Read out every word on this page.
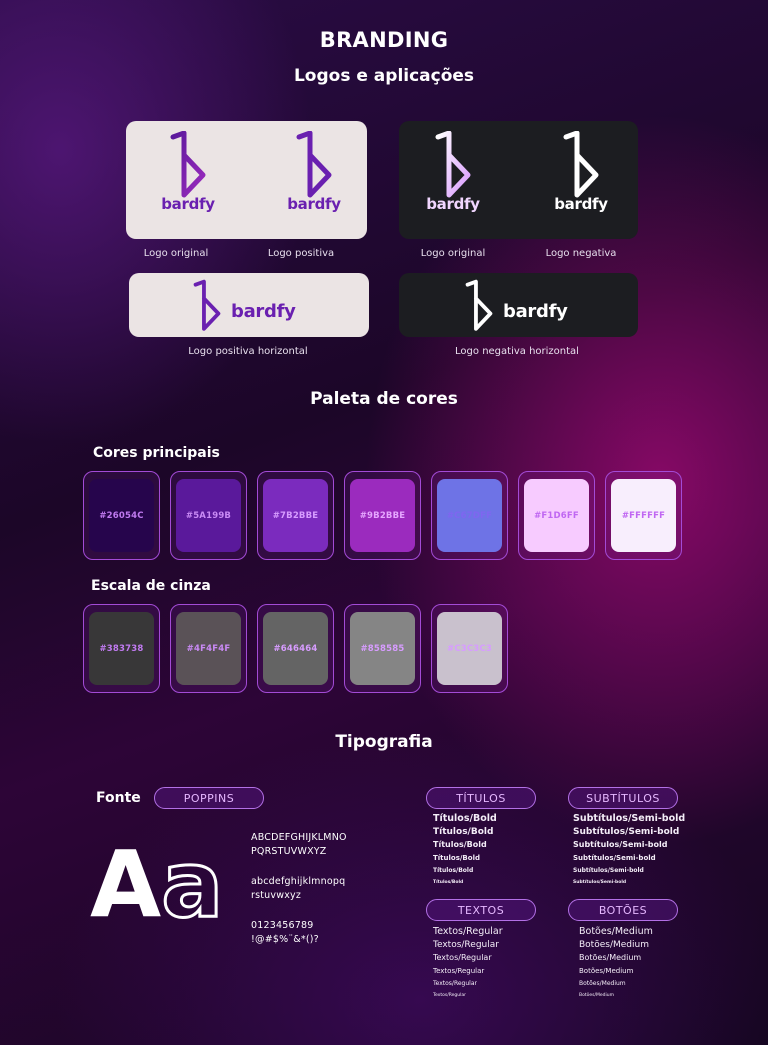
BRANDING
Logos e aplicações
bardfy	bardfy	bardfy	bardfy
Logo original	Logo positiva	Logo original	Logo negativa
bardfy	bardfy
Logo positiva horizontal	Logo negativa horizontal
Paleta de cores
Cores principais
#26054C	#5A199B	#7B2BBE	#9B2BBE	#C67DFF	#F1D6FF	#FFFFFF
Escala de cinza
#383738	#4F4F4F	#646464	#858585	#C3C3C3
Tipografia
Fonte	POPPINS
Aa	ABCDEFGHIJKLMNO
PQRSTUVWXYZ
abcdefghijklmnopq
rstuvwxyz
0123456789
!@#$%¨&*()?
TÍTULOS	SUBTÍTULOS
TEXTOS	BOTÕES
Títulos/Bold
Títulos/Bold
Títulos/Bold
Títulos/Bold
Títulos/Bold
Títulos/Bold
Subtítulos/Semi-bold
Subtítulos/Semi-bold
Subtítulos/Semi-bold
Subtítulos/Semi-bold
Subtítulos/Semi-bold
Subtítulos/Semi-bold
Textos/Regular
Textos/Regular
Textos/Regular
Textos/Regular
Textos/Regular
Textos/Regular
Botões/Medium
Botões/Medium
Botões/Medium
Botões/Medium
Botões/Medium
Botões/Medium
